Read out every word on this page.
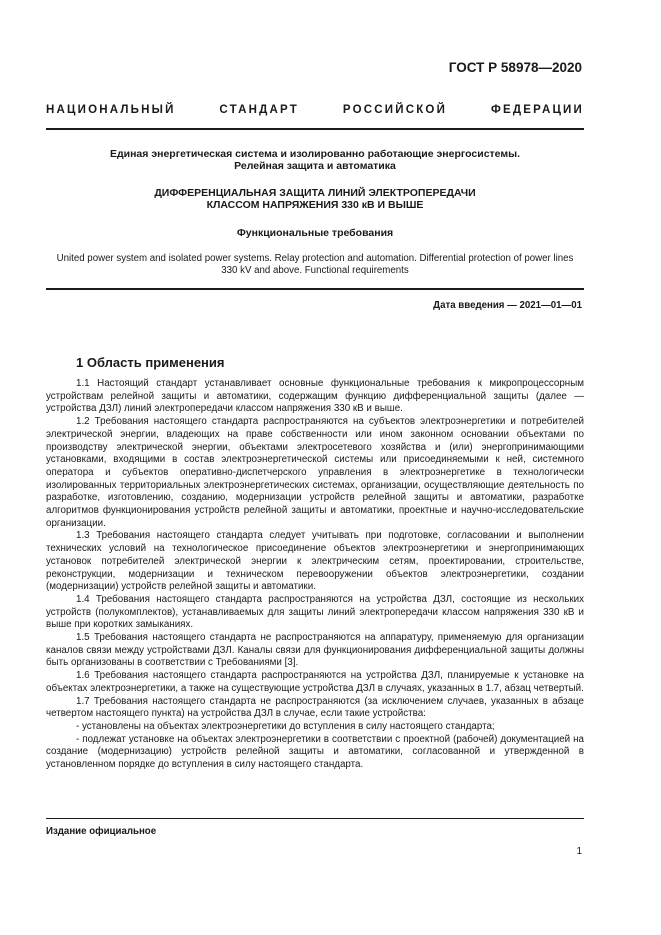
ГОСТ Р 58978—2020
НАЦИОНАЛЬНЫЙ СТАНДАРТ РОССИЙСКОЙ ФЕДЕРАЦИИ
Единая энергетическая система и изолированно работающие энергосистемы.
Релейная защита и автоматика
ДИФФЕРЕНЦИАЛЬНАЯ ЗАЩИТА ЛИНИЙ ЭЛЕКТРОПЕРЕДАЧИ
КЛАССОМ НАПРЯЖЕНИЯ 330 кВ И ВЫШЕ
Функциональные требования
United power system and isolated power systems. Relay protection and automation. Differential protection of power lines
330 kV and above. Functional requirements
Дата введения — 2021—01—01
1 Область применения

1.1 Настоящий стандарт устанавливает основные функциональные требования к микропроцессорным устройствам релейной защиты и автоматики, содержащим функцию дифференциальной защиты (далее — устройства ДЗЛ) линий электропередачи классом напряжения 330 кВ и выше.

1.2 Требования настоящего стандарта распространяются на субъектов электроэнергетики и потребителей электрической энергии, владеющих на праве собственности или ином законном основании объектами по производству электрической энергии, объектами электросетевого хозяйства и (или) энергопринимающими установками, входящими в состав электроэнергетической системы или присоединяемыми к ней, системного оператора и субъектов оперативно-диспетчерского управления в электроэнергетике в технологически изолированных территориальных электроэнергетических системах, организации, осуществляющие деятельность по разработке, изготовлению, созданию, модернизации устройств релейной защиты и автоматики, разработке алгоритмов функционирования устройств релейной защиты и автоматики, проектные и научно-исследовательские организации.

1.3 Требования настоящего стандарта следует учитывать при подготовке, согласовании и выполнении технических условий на технологическое присоединение объектов электроэнергетики и энергопринимающих установок потребителей электрической энергии к электрическим сетям, проектировании, строительстве, реконструкции, модернизации и техническом перевооружении объектов электроэнергетики, создании (модернизации) устройств релейной защиты и автоматики.

1.4 Требования настоящего стандарта распространяются на устройства ДЗЛ, состоящие из нескольких устройств (полукомплектов), устанавливаемых для защиты линий электропередачи классом напряжения 330 кВ и выше при коротких замыканиях.

1.5 Требования настоящего стандарта не распространяются на аппаратуру, применяемую для организации каналов связи между устройствами ДЗЛ. Каналы связи для функционирования дифференциальной защиты должны быть организованы в соответствии с Требованиями [3].

1.6 Требования настоящего стандарта распространяются на устройства ДЗЛ, планируемые к установке на объектах электроэнергетики, а также на существующие устройства ДЗЛ в случаях, указанных в 1.7, абзац четвертый.

1.7 Требования настоящего стандарта не распространяются (за исключением случаев, указанных в абзаце четвертом настоящего пункта) на устройства ДЗЛ в случае, если такие устройства:

- установлены на объектах электроэнергетики до вступления в силу настоящего стандарта;

- подлежат установке на объектах электроэнергетики в соответствии с проектной (рабочей) документацией на создание (модернизацию) устройств релейной защиты и автоматики, согласованной и утвержденной в установленном порядке до вступления в силу настоящего стандарта.

Издание официальное
1
